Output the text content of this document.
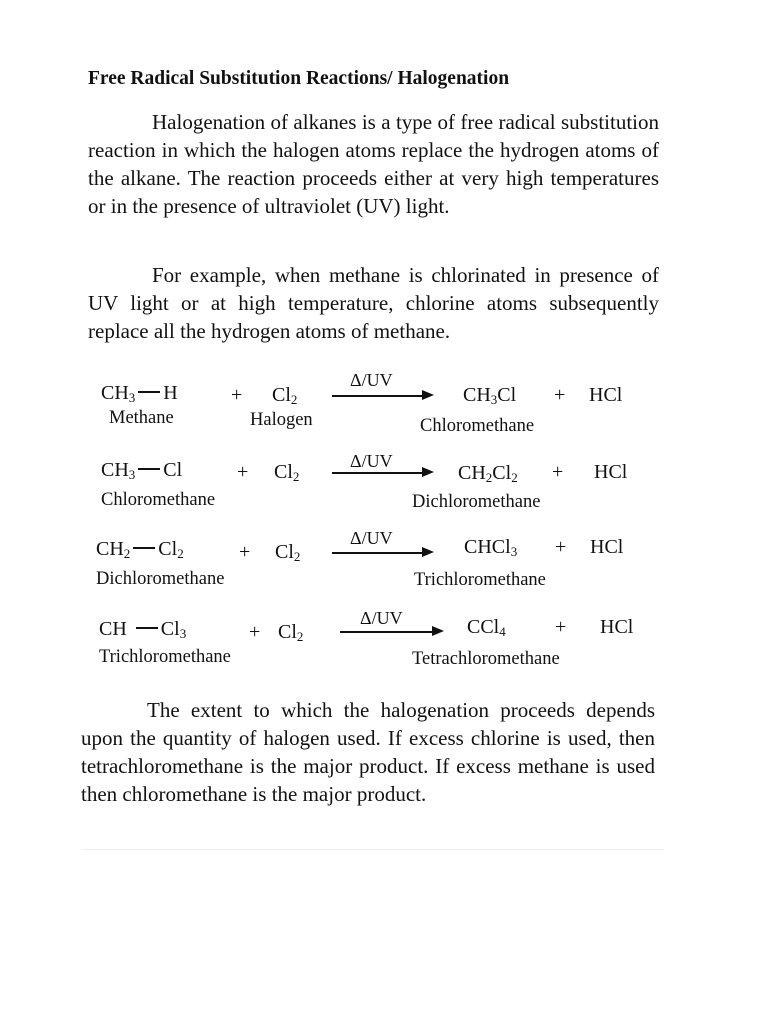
Free Radical Substitution Reactions/ Halogenation

Halogenation of alkanes is a type of free radical substitution reaction in which the halogen atoms replace the hydrogen atoms of the alkane. The reaction proceeds either at very high temperatures or in the presence of ultraviolet (UV) light.

For example, when methane is chlorinated in presence of UV light or at high temperature, chlorine atoms subsequently replace all the hydrogen atoms of methane.

$CH_3$ H	+ $Cl_2$
Δ/UV
$CH_3Cl$ + HCl
Methane	Halogen	Chloromethane
$CH_3$ Cl	+ $Cl_2$
Δ/UV
$CH_2Cl_2$ + HCl
Chloromethane	Dichloromethane
$CH_2$ $Cl_2$	+ $Cl_2$
Δ/UV	CHCl$_3$ + HCl
Dichloromethane	Trichloromethane
CH $Cl_3$	+ $Cl_2$
Δ/UV	CCl$_4$ + HCl
Trichloromethane	Tetrachloromethane

The extent to which the halogenation proceeds depends upon the quantity of halogen used. If excess chlorine is used, then tetrachloromethane is the major product. If excess methane is used then chloromethane is the major product.
